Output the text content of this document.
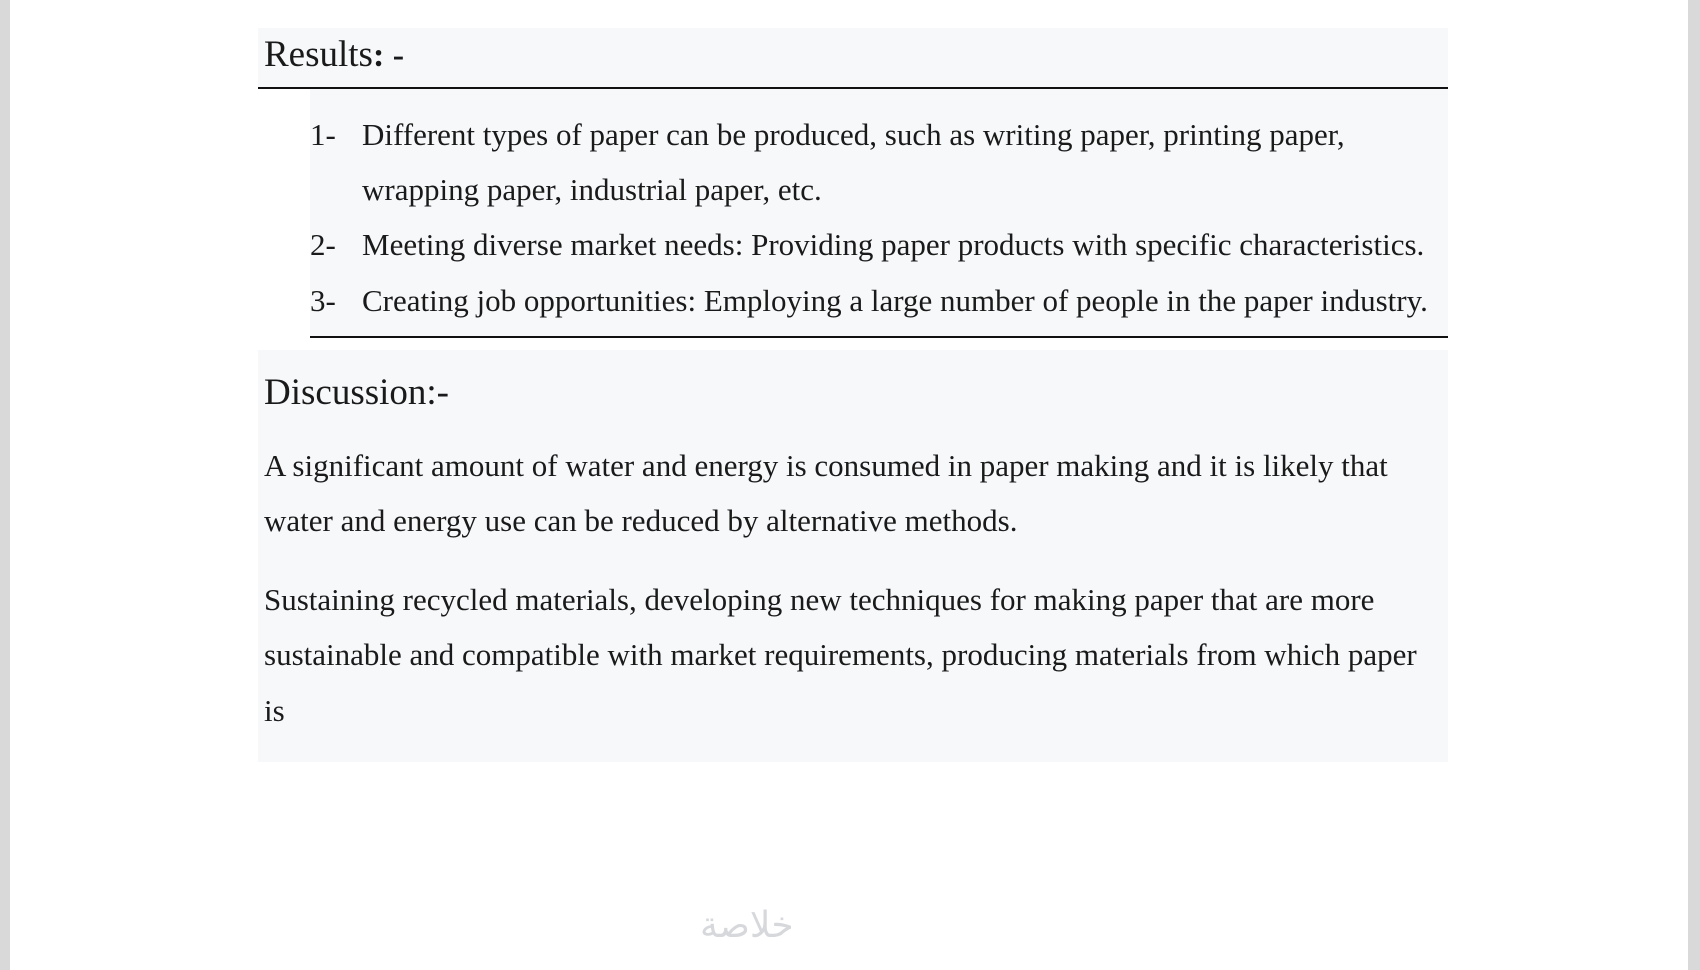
Results: -
1- Different types of paper can be produced, such as writing paper, printing paper, wrapping paper, industrial paper, etc.
2- Meeting diverse market needs: Providing paper products with specific characteristics.
3- Creating job opportunities: Employing a large number of people in the paper industry.
Discussion:-
A significant amount of water and energy is consumed in paper making and it is likely that water and energy use can be reduced by alternative methods.
Sustaining recycled materials, developing new techniques for making paper that are more sustainable and compatible with market requirements, producing materials from which paper is
خلاصة
